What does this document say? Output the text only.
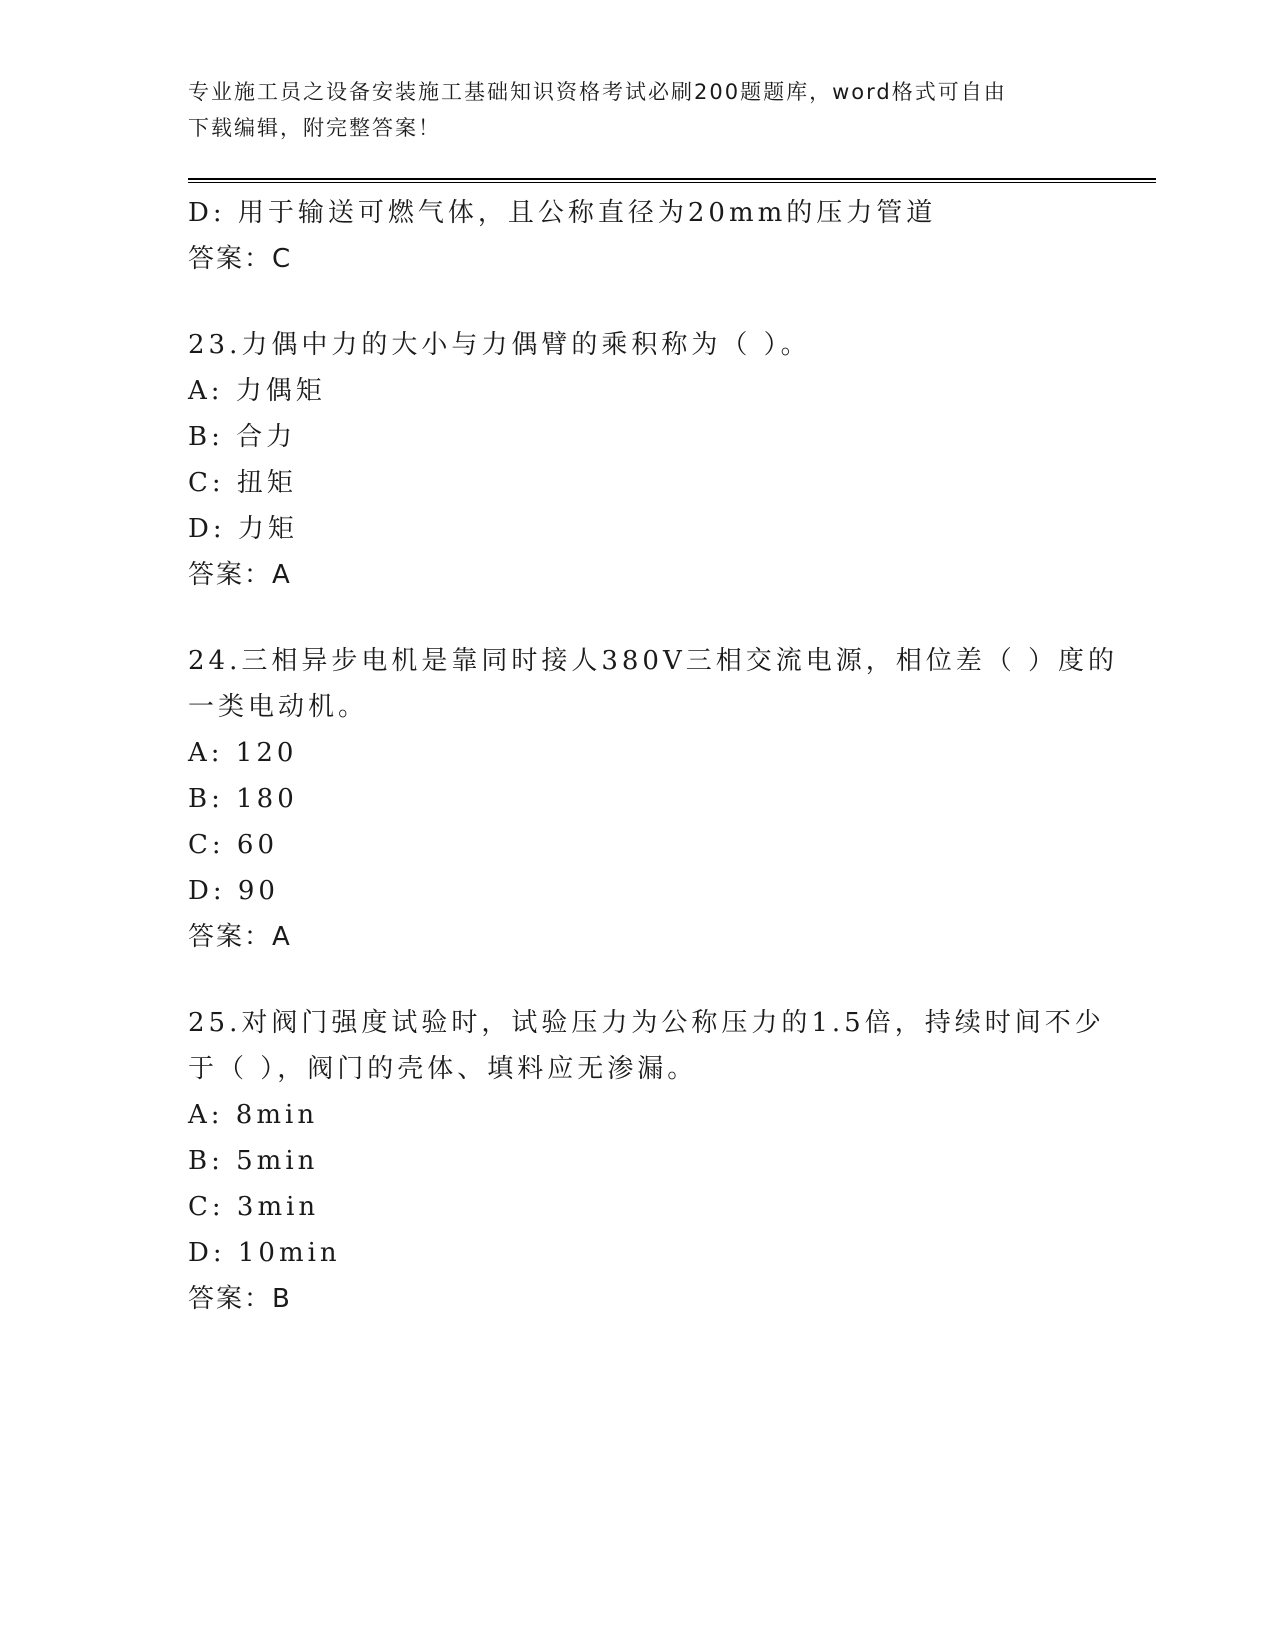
专业施工员之设备安装施工基础知识资格考试必刷200题题库，word格式可自由
下载编辑，附完整答案！
D: 用于输送可燃气体，且公称直径为20mm的压力管道
答案：C
23.力偶中力的大小与力偶臂的乘积称为（ ）。
A: 力偶矩
B: 合力
C: 扭矩
D: 力矩
答案：A
24.三相异步电机是靠同时接人380V三相交流电源，相位差（ ）度的
一类电动机。
A: 120
B: 180
C: 60
D: 90
答案：A
25.对阀门强度试验时，试验压力为公称压力的1.5倍，持续时间不少
于（ ），阀门的壳体、填料应无渗漏。
A: 8min
B: 5min
C: 3min
D: 10min
答案：B
